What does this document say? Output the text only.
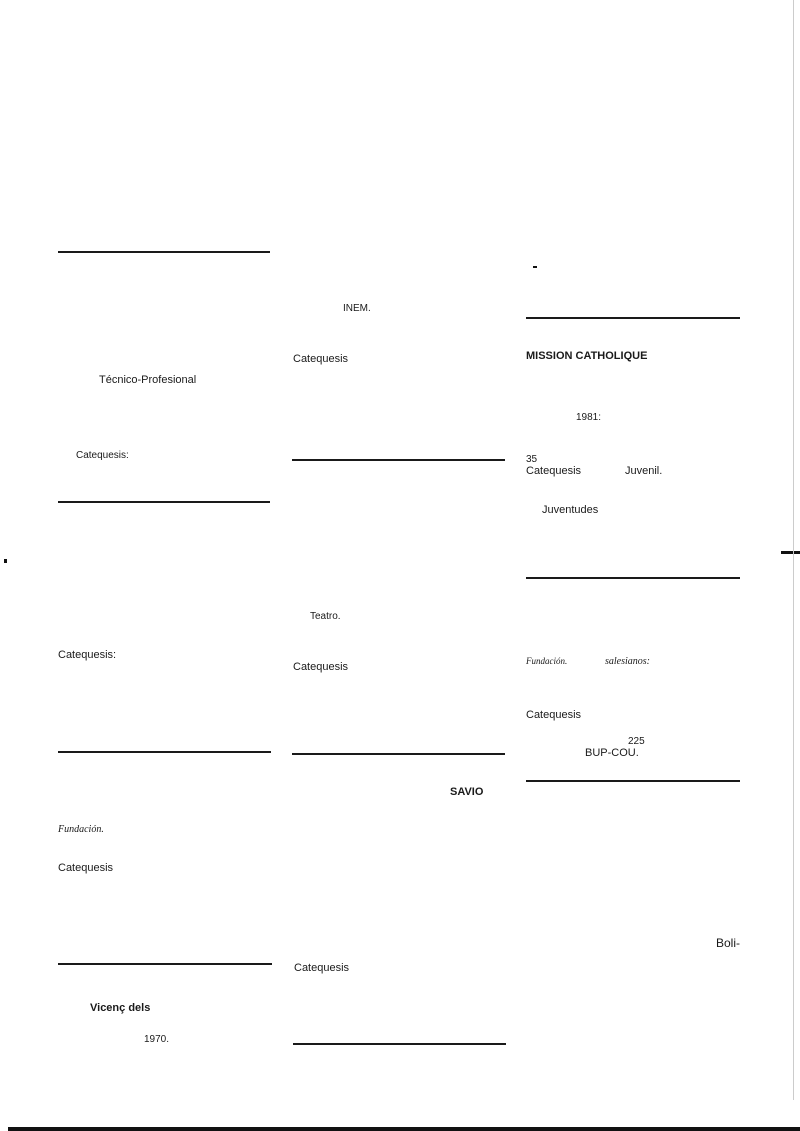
Técnico-Profesional
Catequesis:
Catequesis:
Fundación.
Catequesis
Vicenç dels
1970.
INEM.
Catequesis
Teatro.
Catequesis
SAVIO
Catequesis
MISSION CATHOLIQUE
1981:
35
Catequesis	Juvenil.
Juventudes
Fundación.	salesianos:
Catequesis
225
BUP-COU.
Boli-
